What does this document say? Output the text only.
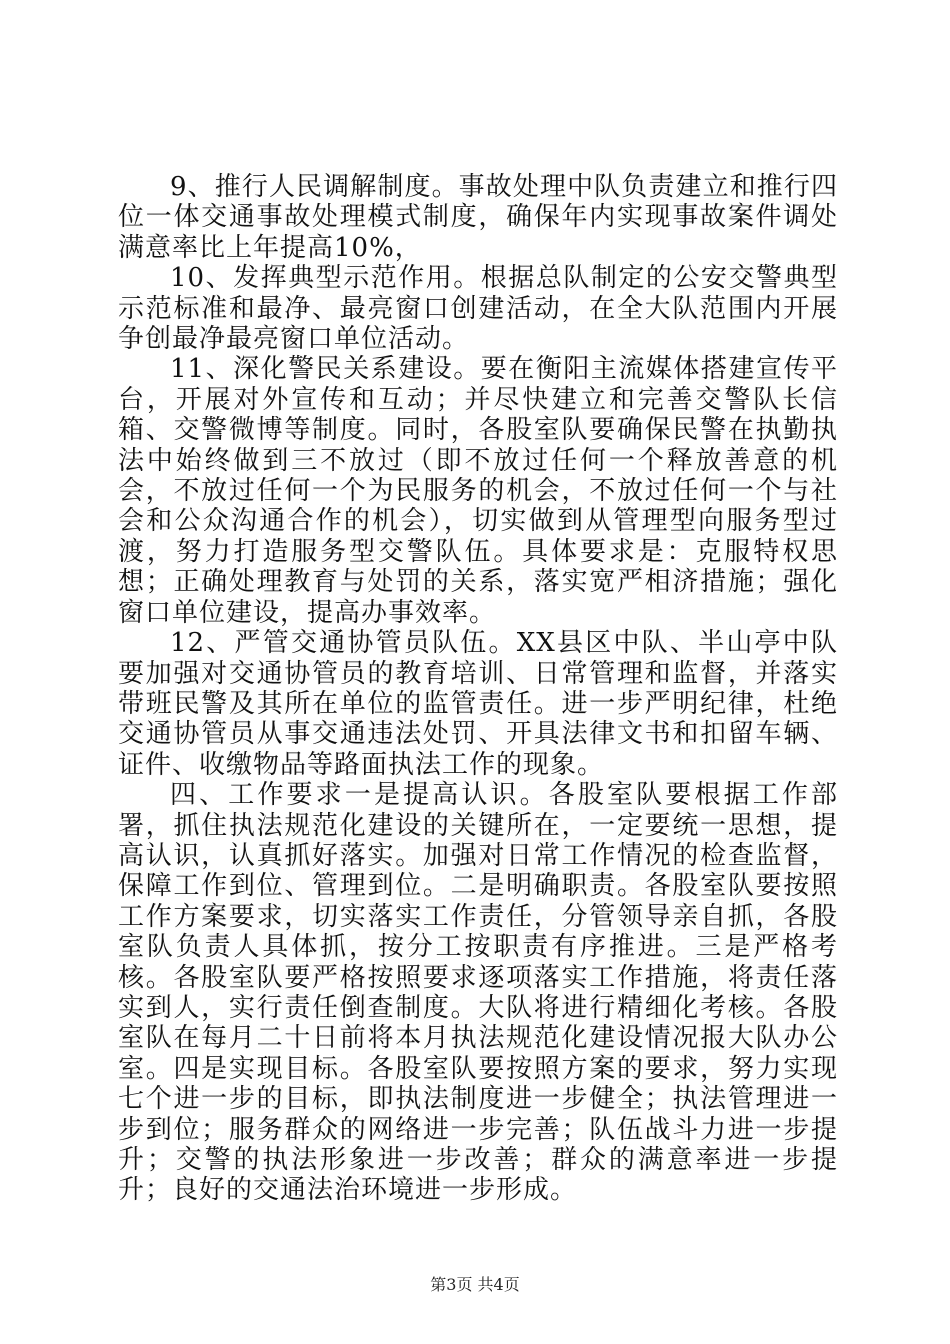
9、推行人民调解制度。事故处理中队负责建立和推行四位一体交通事故处理模式制度，确保年内实现事故案件调处满意率比上年提高10%，

10、发挥典型示范作用。根据总队制定的公安交警典型示范标准和最净、最亮窗口创建活动，在全大队范围内开展争创最净最亮窗口单位活动。

11、深化警民关系建设。要在衡阳主流媒体搭建宣传平台，开展对外宣传和互动；并尽快建立和完善交警队长信箱、交警微博等制度。同时，各股室队要确保民警在执勤执法中始终做到三不放过（即不放过任何一个释放善意的机会，不放过任何一个为民服务的机会，不放过任何一个与社会和公众沟通合作的机会），切实做到从管理型向服务型过渡，努力打造服务型交警队伍。具体要求是：克服特权思想；正确处理教育与处罚的关系，落实宽严相济措施；强化窗口单位建设，提高办事效率。

12、严管交通协管员队伍。XX县区中队、半山亭中队要加强对交通协管员的教育培训、日常管理和监督，并落实带班民警及其所在单位的监管责任。进一步严明纪律，杜绝交通协管员从事交通违法处罚、开具法律文书和扣留车辆、证件、收缴物品等路面执法工作的现象。

四、工作要求一是提高认识。各股室队要根据工作部署，抓住执法规范化建设的关键所在，一定要统一思想，提高认识，认真抓好落实。加强对日常工作情况的检查监督，保障工作到位、管理到位。二是明确职责。各股室队要按照工作方案要求，切实落实工作责任，分管领导亲自抓，各股室队负责人具体抓，按分工按职责有序推进。三是严格考核。各股室队要严格按照要求逐项落实工作措施，将责任落实到人，实行责任倒查制度。大队将进行精细化考核。各股室队在每月二十日前将本月执法规范化建设情况报大队办公室。四是实现目标。各股室队要按照方案的要求，努力实现七个进一步的目标，即执法制度进一步健全；执法管理进一步到位；服务群众的网络进一步完善；队伍战斗力进一步提升；交警的执法形象进一步改善；群众的满意率进一步提升；良好的交通法治环境进一步形成。

第3页 共4页
